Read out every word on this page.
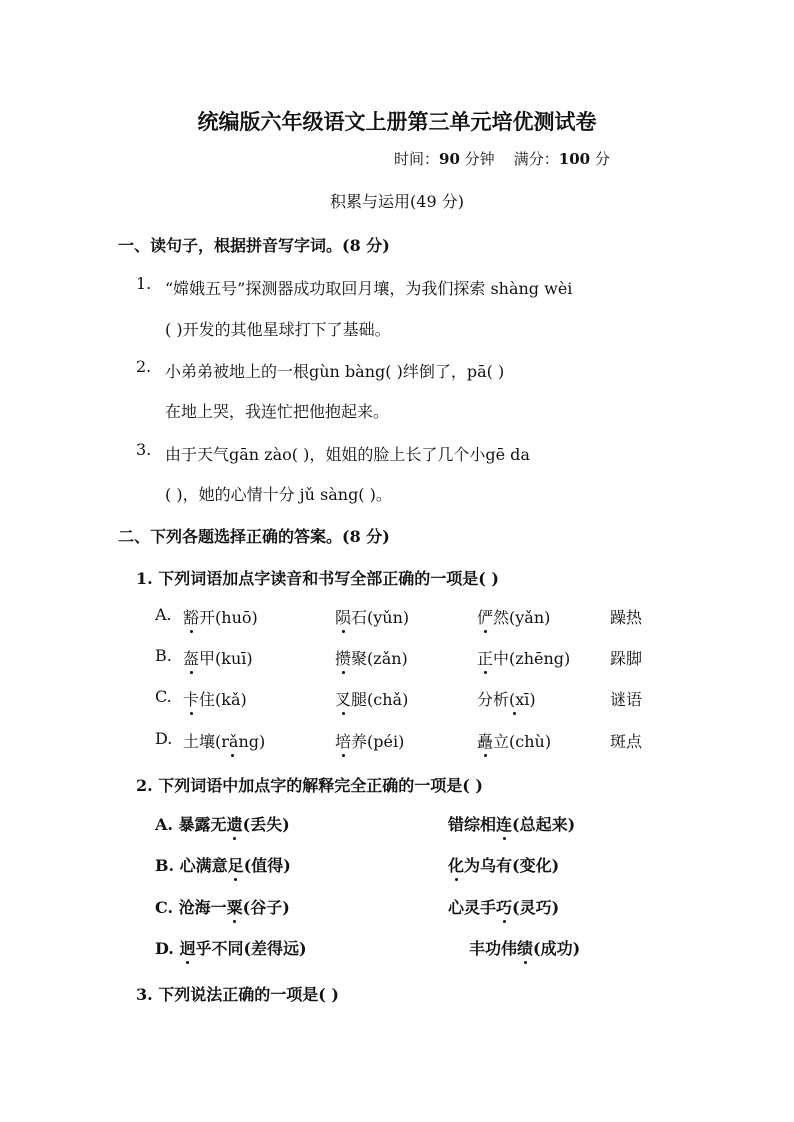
统编版六年级语文上册第三单元培优测试卷
时间：90 分钟 满分：100 分
积累与运用(49 分)
一、读句子，根据拼音写字词。(8 分)
1. “嫦娥五号”探测器成功取回月壤，为我们探索 shàng wèi
( )开发的其他星球打下了基础。
2. 小弟弟被地上的一根gùn bàng( )绊倒了，pā( )
在地上哭，我连忙把他抱起来。
3. 由于天气gān zào( )，姐姐的脸上长了几个小gē da
( )，她的心情十分 jǔ sàng( )。
二、下列各题选择正确的答案。(8 分)
1. 下列词语加点字读音和书写全部正确的一项是( )
A. 豁开(huō)	陨石(yǔn)	俨然(yǎn)	躁热
B. 盔甲(kuī)	攒聚(zǎn)	正中(zhēng) 跺脚
C. 卡住(kǎ)	叉腿(chǎ)	分析(xī)	谜语
D. 土壤(rǎng)	培养(péi)	矗立(chù)	斑点
2. 下列词语中加点字的解释完全正确的一项是( )
A. 暴露无遗(丢失)	错综相连(总起来)
B. 心满意足(值得)	化为乌有(变化)
C. 沧海一粟(谷子)	心灵手巧(灵巧)
D. 迥乎不同(差得远)	丰功伟绩(成功)
3. 下列说法正确的一项是( )
